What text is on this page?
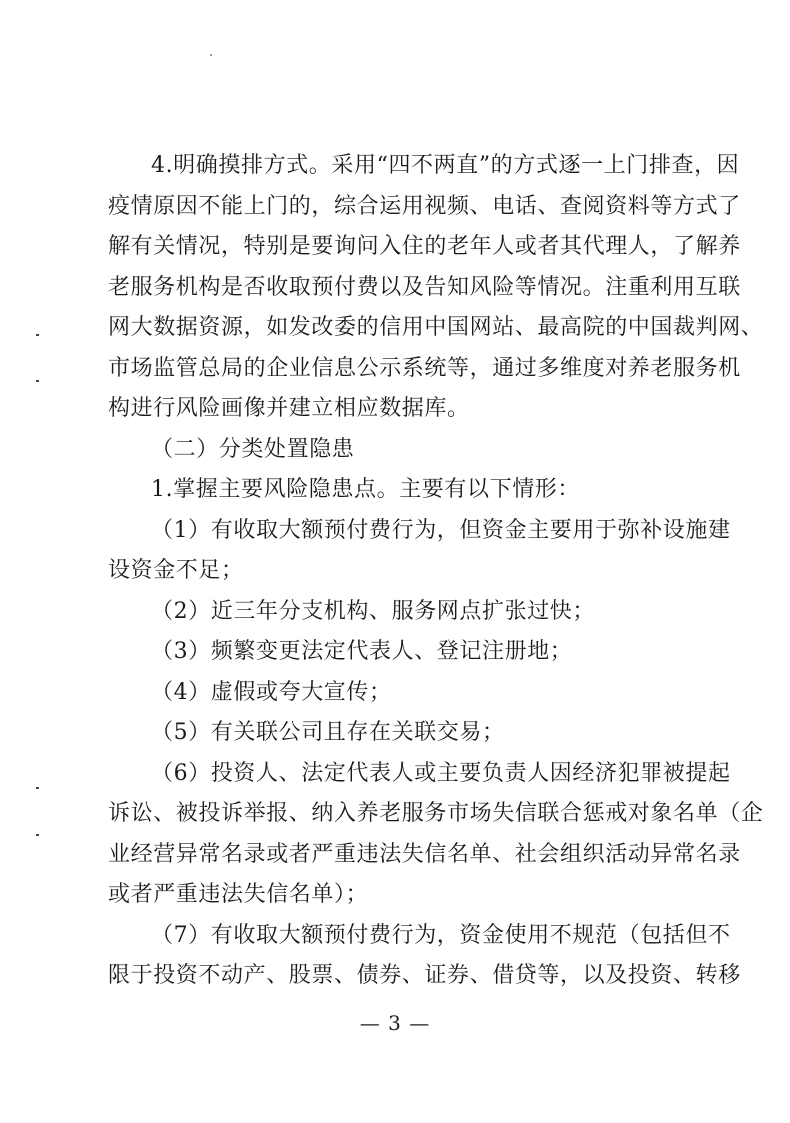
4.明确摸排方式。采用“四不两直”的方式逐一上门排查，因
疫情原因不能上门的，综合运用视频、电话、查阅资料等方式了
解有关情况，特别是要询问入住的老年人或者其代理人，了解养
老服务机构是否收取预付费以及告知风险等情况。注重利用互联
网大数据资源，如发改委的信用中国网站、最高院的中国裁判网、
市场监管总局的企业信息公示系统等，通过多维度对养老服务机
构进行风险画像并建立相应数据库。
（二）分类处置隐患
1.掌握主要风险隐患点。主要有以下情形：
（1）有收取大额预付费行为，但资金主要用于弥补设施建
设资金不足；
（2）近三年分支机构、服务网点扩张过快；
（3）频繁变更法定代表人、登记注册地；
（4）虚假或夸大宣传；
（5）有关联公司且存在关联交易；
（6）投资人、法定代表人或主要负责人因经济犯罪被提起
诉讼、被投诉举报、纳入养老服务市场失信联合惩戒对象名单（企
业经营异常名录或者严重违法失信名单、社会组织活动异常名录
或者严重违法失信名单）；
（7）有收取大额预付费行为，资金使用不规范（包括但不
限于投资不动产、股票、债券、证券、借贷等，以及投资、转移
— 3 —
